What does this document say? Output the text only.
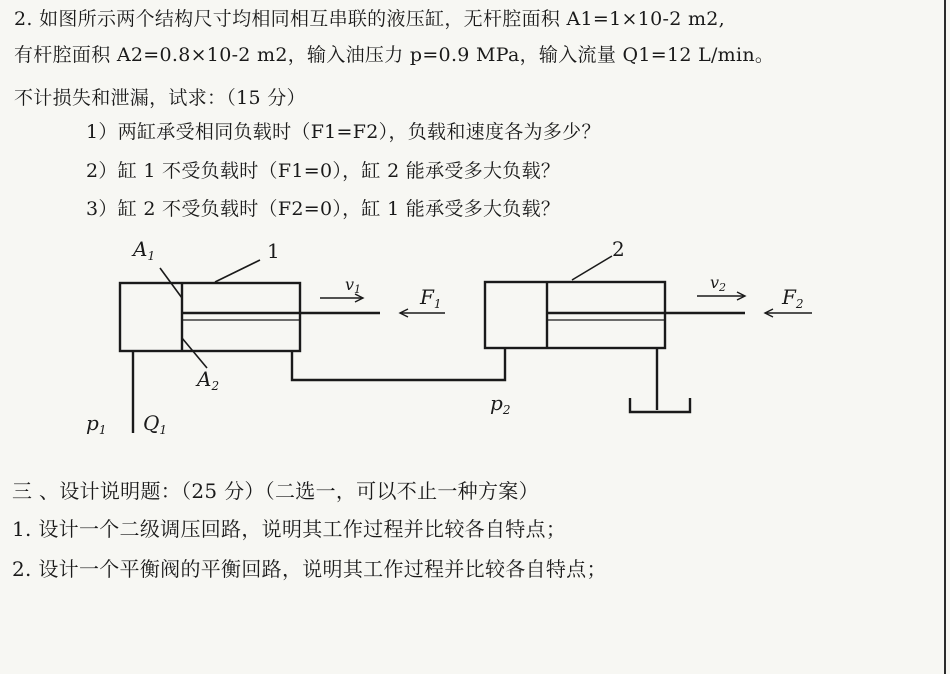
2. 如图所示两个结构尺寸均相同相互串联的液压缸，无杆腔面积 A1=1×10-2 m2,
有杆腔面积 A2=0.8×10-2 m2，输入油压力 p=0.9 MPa，输入流量 Q1=12 L/min。
不计损失和泄漏，试求：（15 分）
1）两缸承受相同负载时（F1=F2），负载和速度各为多少？
2）缸 1 不受负载时（F1=0），缸 2 能承受多大负载？
3）缸 2 不受负载时（F2=0），缸 1 能承受多大负载？
$A_1$	1
$A_2$
v1	$F_1$
2
v2	$F_2$
$p_1$ $Q_1$
$p_2$
三 、设计说明题：（25 分）（二选一，可以不止一种方案）
1. 设计一个二级调压回路，说明其工作过程并比较各自特点；
2. 设计一个平衡阀的平衡回路，说明其工作过程并比较各自特点；
